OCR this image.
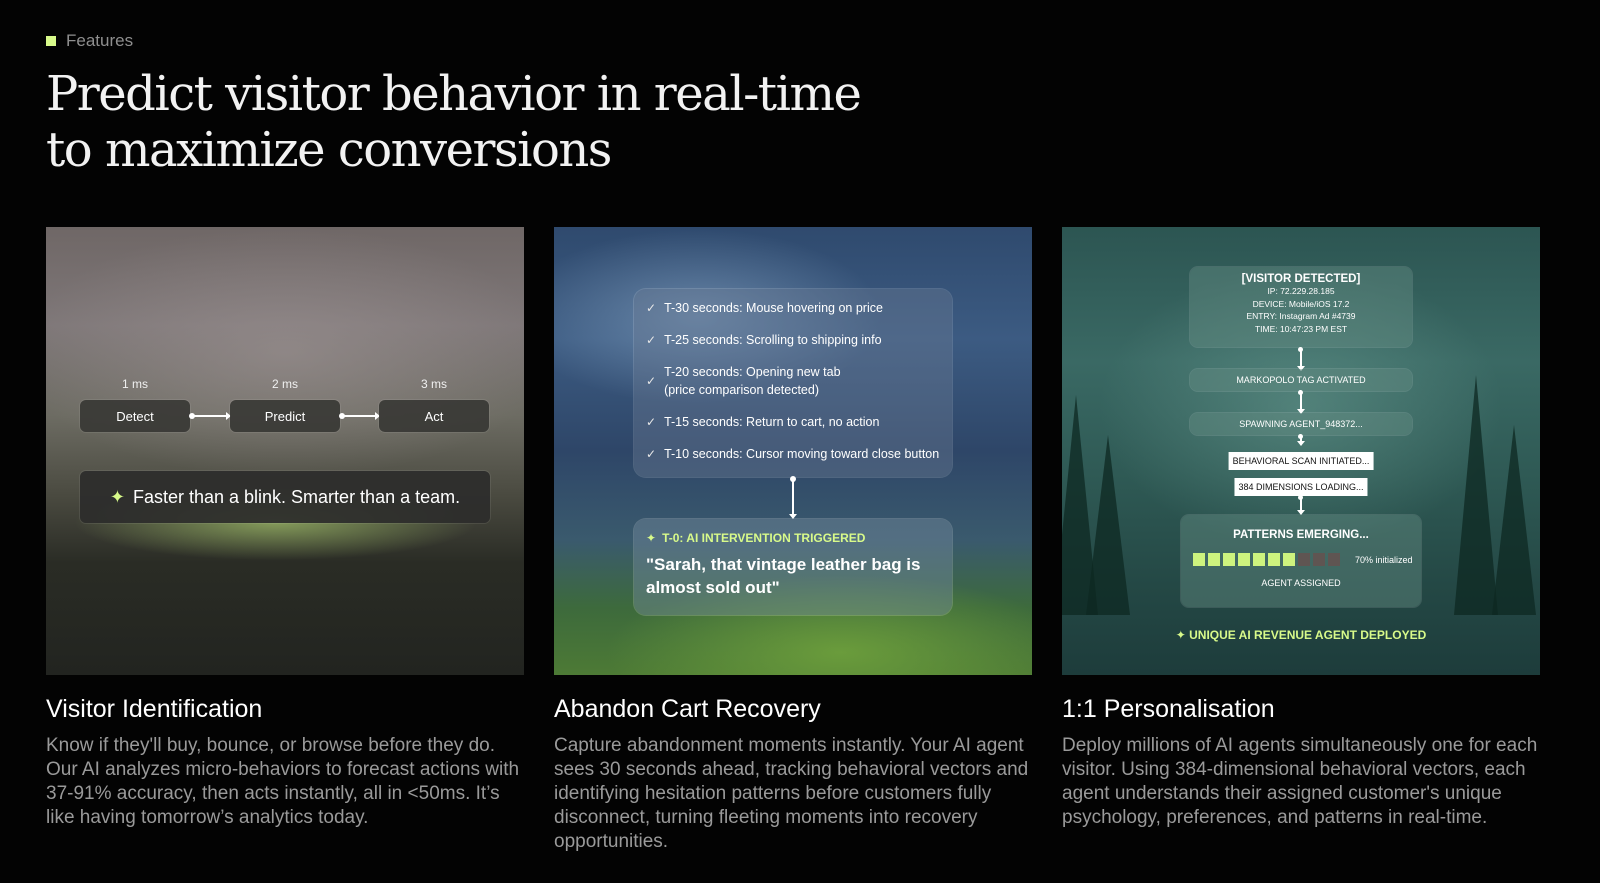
Features
Predict visitor behavior in real-time to maximize conversions
1 ms	2 ms	3 ms
Detect	Predict	Act
✦ Faster than a blink. Smarter than a team.
✓ T-30 seconds: Mouse hovering on price
✓ T-25 seconds: Scrolling to shipping info
✓
T-20 seconds: Opening new tab
(price comparison detected)
✓ T-15 seconds: Return to cart, no action
✓ T-10 seconds: Cursor moving toward close button
✦ T-0: AI INTERVENTION TRIGGERED
"Sarah, that vintage leather bag is almost sold out"
[VISITOR DETECTED]
IP: 72.229.28.185
DEVICE: Mobile/iOS 17.2
ENTRY: Instagram Ad #4739
TIME: 10:47:23 PM EST
MARKOPOLO TAG ACTIVATED
SPAWNING AGENT_948372...
BEHAVIORAL SCAN INITIATED...
384 DIMENSIONS LOADING...
PATTERNS EMERGING...
70% initialized
AGENT ASSIGNED
✦ UNIQUE AI REVENUE AGENT DEPLOYED
Visitor Identification
Know if they'll buy, bounce, or browse before they do. Our AI analyzes micro-behaviors to forecast actions with 37-91% accuracy, then acts instantly, all in <50ms. It’s like having tomorrow’s analytics today.
Abandon Cart Recovery
Capture abandonment moments instantly. Your AI agent sees 30 seconds ahead, tracking behavioral vectors and identifying hesitation patterns before customers fully disconnect, turning fleeting moments into recovery opportunities.
1:1 Personalisation
Deploy millions of AI agents simultaneously one for each visitor. Using 384-dimensional behavioral vectors, each agent understands their assigned customer's unique psychology, preferences, and patterns in real-time.
